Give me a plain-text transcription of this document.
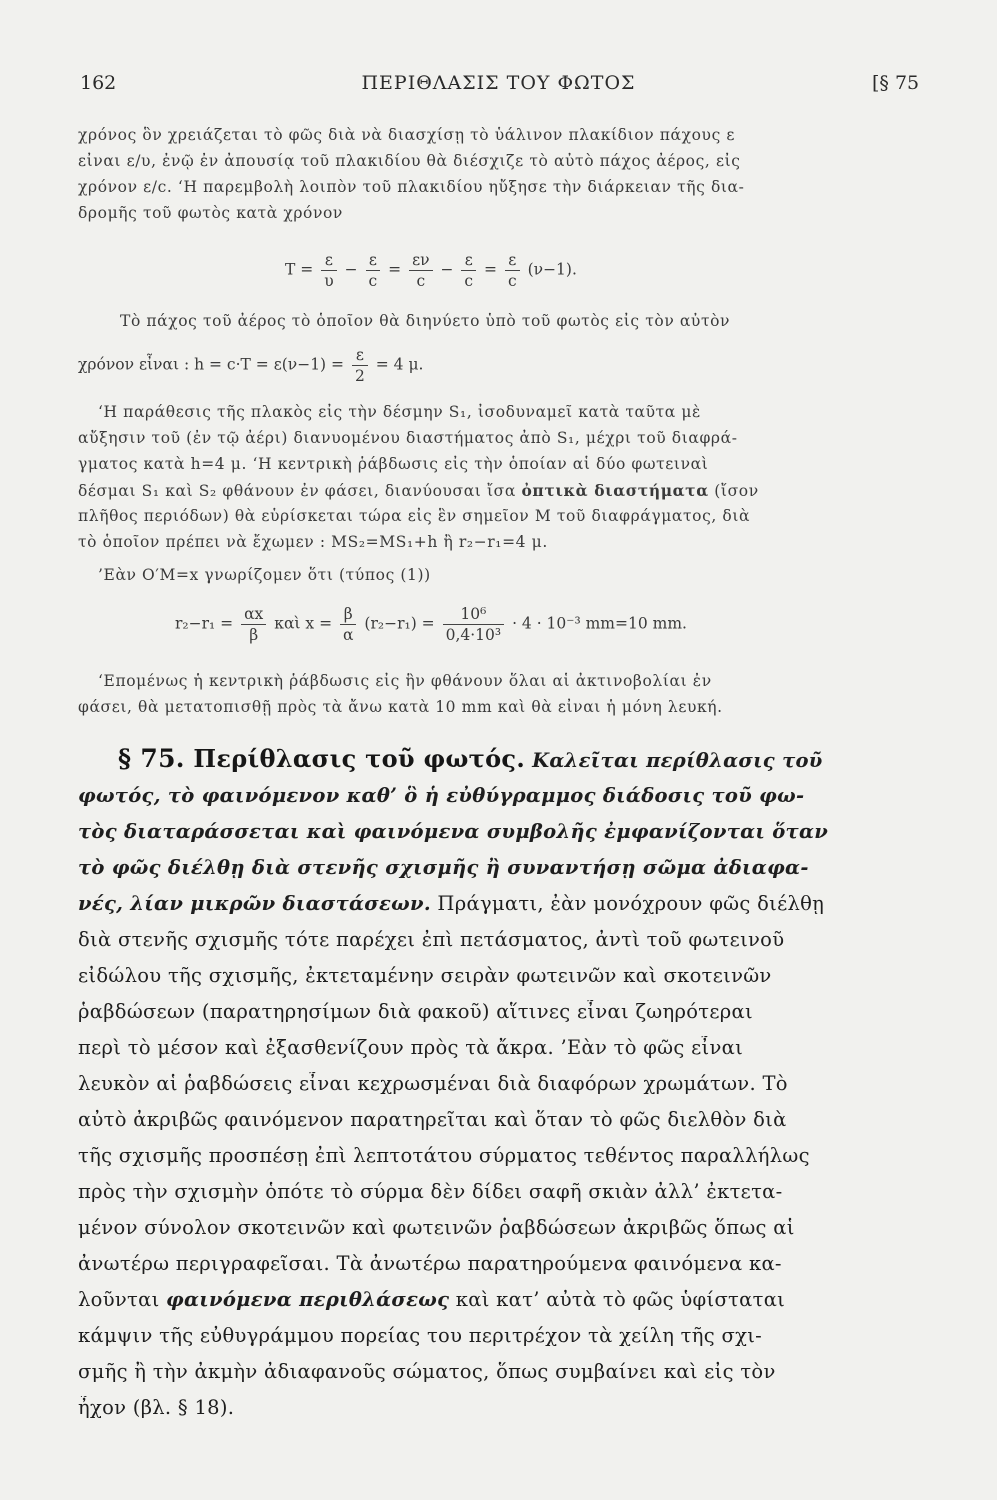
162	ΠΕΡΙΘΛΑΣΙΣ ΤΟΥ ΦΩΤΟΣ	[§ 75
χρόνος ὃν χρειάζεται τὸ φῶς διὰ νὰ διασχίσῃ τὸ ὑάλινον πλακίδιον πάχους ε
εἶναι ε/υ, ἐνῷ ἐν ἀπουσίᾳ τοῦ πλακιδίου θὰ διέσχιζε τὸ αὐτὸ πάχος ἀέρος, εἰς
χρόνον ε/c. ‘Η παρεμβολὴ λοιπὸν τοῦ πλακιδίου ηὔξησε τὴν διάρκειαν τῆς δια-
δρομῆς τοῦ φωτὸς κατὰ χρόνον
$T = \frac{\varepsilon}{\upsilon} - \frac{\varepsilon}{c} = \frac{\varepsilon\nu}{c} - \frac{\varepsilon}{c} = \frac{\varepsilon}{c} (\nu-1)$.
Τὸ πάχος τοῦ ἀέρος τὸ ὁποῖον θὰ διηνύετο ὑπὸ τοῦ φωτὸς εἰς τὸν αὐτὸν
χρόνον εἶναι : $h = c\cdot T = \varepsilon(\nu-1) = \frac{\varepsilon}{2} = 4$ μ.
‘Η παράθεσις τῆς πλακὸς εἰς τὴν δέσμην S₁, ἰσοδυναμεῖ κατὰ ταῦτα μὲ
αὔξησιν τοῦ (ἐν τῷ ἀέρι) διανυομένου διαστήματος ἀπὸ S₁, μέχρι τοῦ διαφρά-
γματος κατὰ h=4 μ. ‘Η κεντρικὴ ῥάβδωσις εἰς τὴν ὁποίαν αἱ δύο φωτειναὶ
δέσμαι S₁ καὶ S₂ φθάνουν ἐν φάσει, διανύουσαι ἴσα ὀπτικὰ διαστήματα (ἴσον
πλῆθος περιόδων) θὰ εὑρίσκεται τώρα εἰς ἓν σημεῖον Μ τοῦ διαφράγματος, διὰ
τὸ ὁποῖον πρέπει νὰ ἔχωμεν : MS₂=MS₁+h ἢ r₂−r₁=4 μ.
’Εὰν O′M=x γνωρίζομεν ὅτι (τύπος (1))
$r_2-r_1 = \frac{\alpha x}{\beta}$ καὶ $x = \frac{\beta}{\alpha} (r_2-r_1) = \frac{\text{10⁶}}{\text{0,4·10³}} \cdot 4 \cdot 10^{-3}$ mm=10 mm.
‘Επομένως ἡ κεντρικὴ ῥάβδωσις εἰς ἣν φθάνουν ὅλαι αἱ ἀκτινοβολίαι ἐν
φάσει, θὰ μετατοπισθῇ πρὸς τὰ ἄνω κατὰ 10 mm καὶ θὰ εἶναι ἡ μόνη λευκή.
§ 75. Περίθλασις τοῦ φωτός. Καλεῖται περίθλασις τοῦ
φωτός, τὸ φαινόμενον καθ’ ὃ ἡ εὐθύγραμμος διάδοσις τοῦ φω-
τὸς διαταράσσεται καὶ φαινόμενα συμβολῆς ἐμφανίζονται ὅταν
τὸ φῶς διέλθῃ διὰ στενῆς σχισμῆς ἢ συναντήσῃ σῶμα ἀδιαφα-
νές, λίαν μικρῶν διαστάσεων. Πράγματι, ἐὰν μονόχρουν φῶς διέλθῃ
διὰ στενῆς σχισμῆς τότε παρέχει ἐπὶ πετάσματος, ἀντὶ τοῦ φωτεινοῦ
εἰδώλου τῆς σχισμῆς, ἐκτεταμένην σειρὰν φωτεινῶν καὶ σκοτεινῶν
ῥαβδώσεων (παρατηρησίμων διὰ φακοῦ) αἵτινες εἶναι ζωηρότεραι
περὶ τὸ μέσον καὶ ἐξασθενίζουν πρὸς τὰ ἄκρα. ’Εὰν τὸ φῶς εἶναι
λευκὸν αἱ ῥαβδώσεις εἶναι κεχρωσμέναι διὰ διαφόρων χρωμάτων. Τὸ
αὐτὸ ἀκριβῶς φαινόμενον παρατηρεῖται καὶ ὅταν τὸ φῶς διελθὸν διὰ
τῆς σχισμῆς προσπέσῃ ἐπὶ λεπτοτάτου σύρματος τεθέντος παραλλήλως
πρὸς τὴν σχισμὴν ὁπότε τὸ σύρμα δὲν δίδει σαφῆ σκιὰν ἀλλ’ ἐκτετα-
μένον σύνολον σκοτεινῶν καὶ φωτεινῶν ῥαβδώσεων ἀκριβῶς ὅπως αἱ
ἀνωτέρω περιγραφεῖσαι. Τὰ ἀνωτέρω παρατηρούμενα φαινόμενα κα-
λοῦνται φαινόμενα περιθλάσεως καὶ κατ’ αὐτὰ τὸ φῶς ὑφίσταται
κάμψιν τῆς εὐθυγράμμου πορείας του περιτρέχον τὰ χείλη τῆς σχι-
σμῆς ἢ τὴν ἀκμὴν ἀδιαφανοῦς σώματος, ὅπως συμβαίνει καὶ εἰς τὸν
ἦχον (βλ. § 18).
